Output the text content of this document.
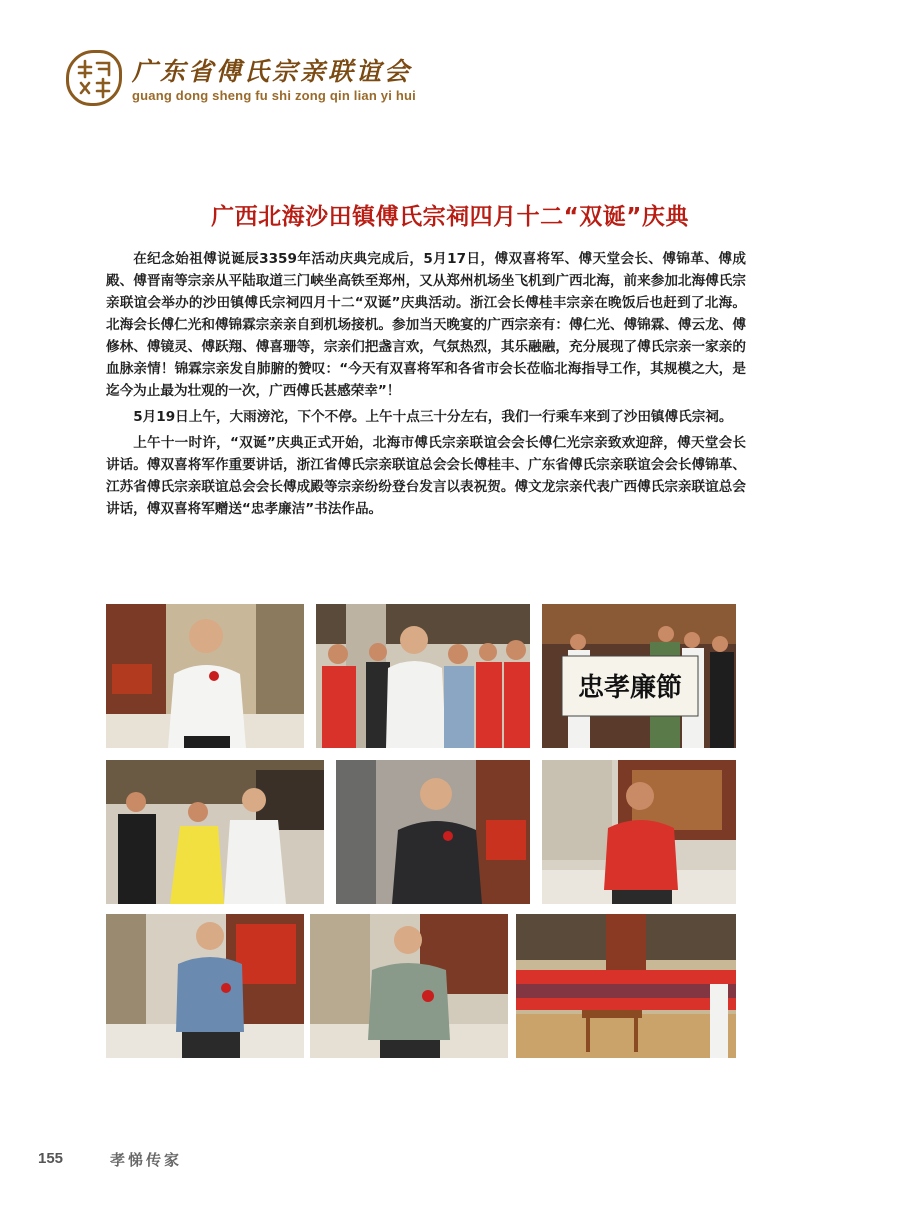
广东省傅氏宗亲联谊会
guang dong sheng fu shi zong qin lian yi hui
广西北海沙田镇傅氏宗祠四月十二“双诞”庆典

在纪念始祖傅说诞辰3359年活动庆典完成后，5月17日，傅双喜将军、傅天堂会长、傅锦革、傅成殿、傅晋南等宗亲从平陆取道三门峡坐高铁至郑州，又从郑州机场坐飞机到广西北海，前来参加北海傅氏宗亲联谊会举办的沙田镇傅氏宗祠四月十二“双诞”庆典活动。浙江会长傅桂丰宗亲在晚饭后也赶到了北海。北海会长傅仁光和傅锦霖宗亲亲自到机场接机。参加当天晚宴的广西宗亲有：傅仁光、傅锦霖、傅云龙、傅修林、傅镜灵、傅跃翔、傅喜珊等，宗亲们把盏言欢，气氛热烈，其乐融融，充分展现了傅氏宗亲一家亲的血脉亲情！锦霖宗亲发自肺腑的赞叹：“今天有双喜将军和各省市会长莅临北海指导工作，其规模之大，是迄今为止最为壮观的一次，广西傅氏甚感荣幸”！

5月19日上午，大雨滂沱，下个不停。上午十点三十分左右，我们一行乘车来到了沙田镇傅氏宗祠。

上午十一时许，“双诞”庆典正式开始，北海市傅氏宗亲联谊会会长傅仁光宗亲致欢迎辞，傅天堂会长讲话。傅双喜将军作重要讲话，浙江省傅氏宗亲联谊总会会长傅桂丰、广东省傅氏宗亲联谊会会长傅锦革、江苏省傅氏宗亲联谊总会会长傅成殿等宗亲纷纷登台发言以表祝贺。傅文龙宗亲代表广西傅氏宗亲联谊总会讲话，傅双喜将军赠送“忠孝廉洁”书法作品。

忠孝廉節
155	孝悌传家
